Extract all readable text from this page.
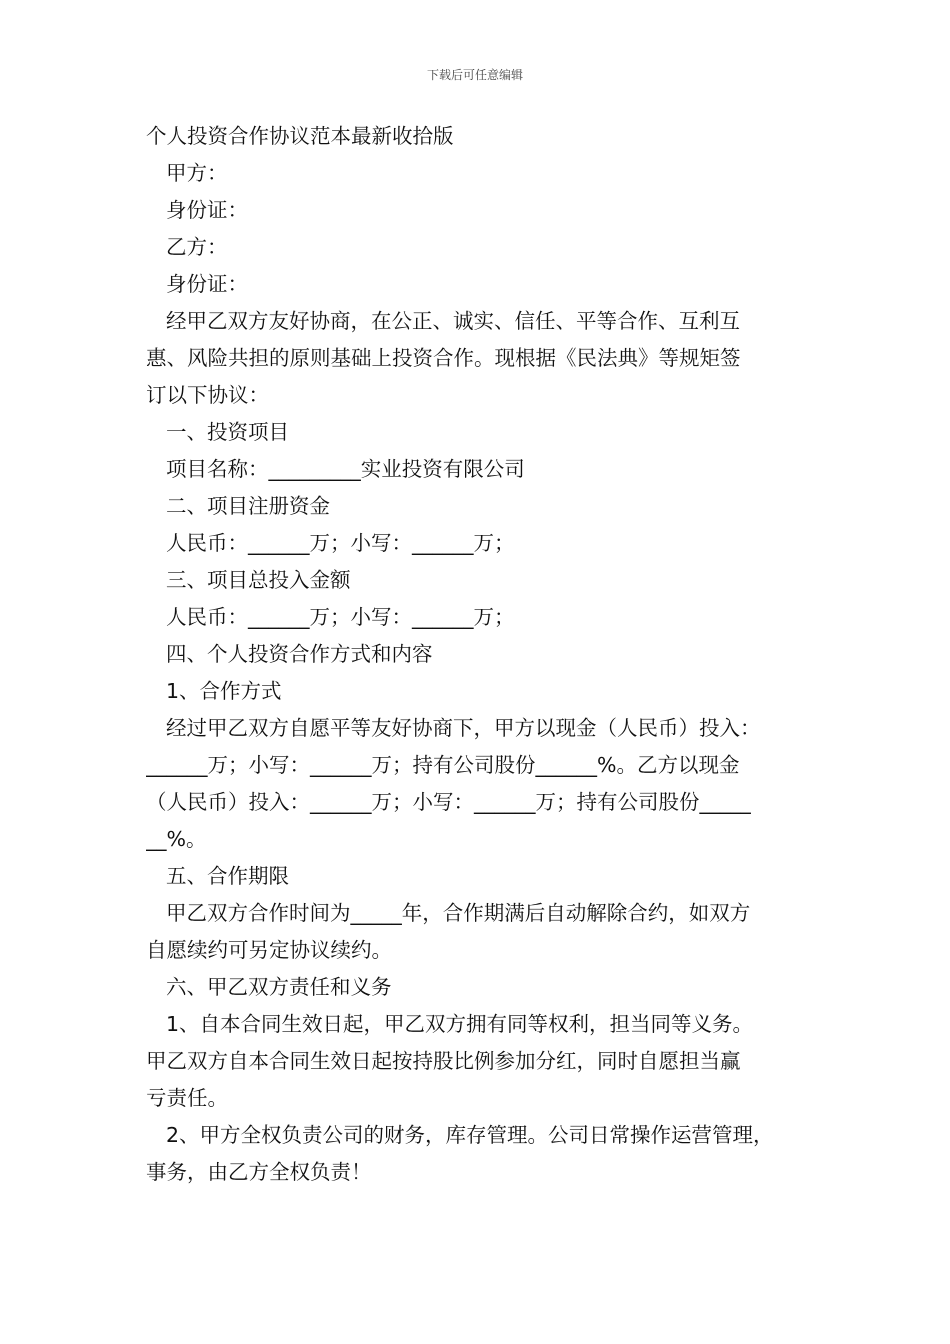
下载后可任意编辑
个人投资合作协议范本最新收拾版
甲方：
身份证：
乙方：
身份证：
经甲乙双方友好协商，在公正、诚实、信任、平等合作、互利互
惠、风险共担的原则基础上投资合作。现根据《民法典》等规矩签
订以下协议：
一、投资项目
项目名称：_________实业投资有限公司
二、项目注册资金
人民币：______万；小写：______万；
三、项目总投入金额
人民币：______万；小写：______万；
四、个人投资合作方式和内容
1、合作方式
经过甲乙双方自愿平等友好协商下，甲方以现金（人民币）投入：
______万；小写：______万；持有公司股份______%。乙方以现金
（人民币）投入：______万；小写：______万；持有公司股份_____
__%。
五、合作期限
甲乙双方合作时间为_____年，合作期满后自动解除合约，如双方
自愿续约可另定协议续约。
六、甲乙双方责任和义务
1、自本合同生效日起，甲乙双方拥有同等权利，担当同等义务。
甲乙双方自本合同生效日起按持股比例参加分红，同时自愿担当赢
亏责任。
2、甲方全权负责公司的财务，库存管理。公司日常操作运营管理，
事务，由乙方全权负责！
